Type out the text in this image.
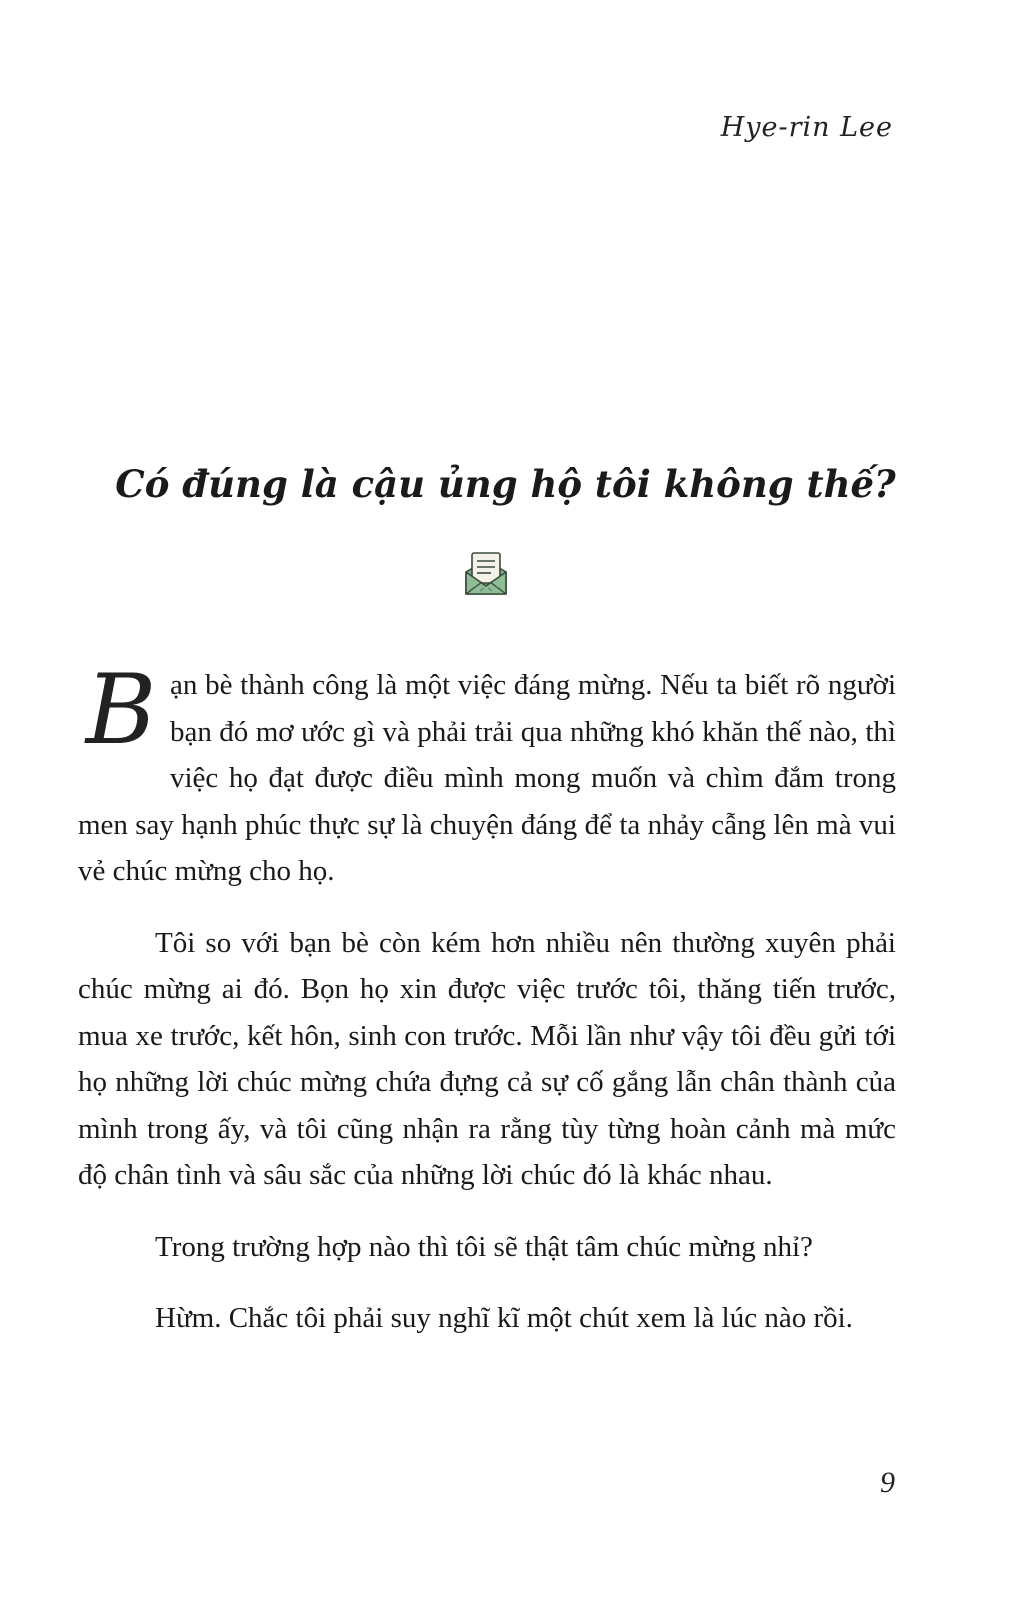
Hye-rin Lee
Có đúng là cậu ủng hộ tôi không thế?

Bạn bè thành công là một việc đáng mừng. Nếu ta biết rõ người bạn đó mơ ước gì và phải trải qua những khó khăn thế nào, thì việc họ đạt được điều mình mong muốn và chìm đắm trong men say hạnh phúc thực sự là chuyện đáng để ta nhảy cẫng lên mà vui vẻ chúc mừng cho họ.

Tôi so với bạn bè còn kém hơn nhiều nên thường xuyên phải chúc mừng ai đó. Bọn họ xin được việc trước tôi, thăng tiến trước, mua xe trước, kết hôn, sinh con trước. Mỗi lần như vậy tôi đều gửi tới họ những lời chúc mừng chứa đựng cả sự cố gắng lẫn chân thành của mình trong ấy, và tôi cũng nhận ra rằng tùy từng hoàn cảnh mà mức độ chân tình và sâu sắc của những lời chúc đó là khác nhau.

Trong trường hợp nào thì tôi sẽ thật tâm chúc mừng nhỉ?

Hừm. Chắc tôi phải suy nghĩ kĩ một chút xem là lúc nào rồi.

9
